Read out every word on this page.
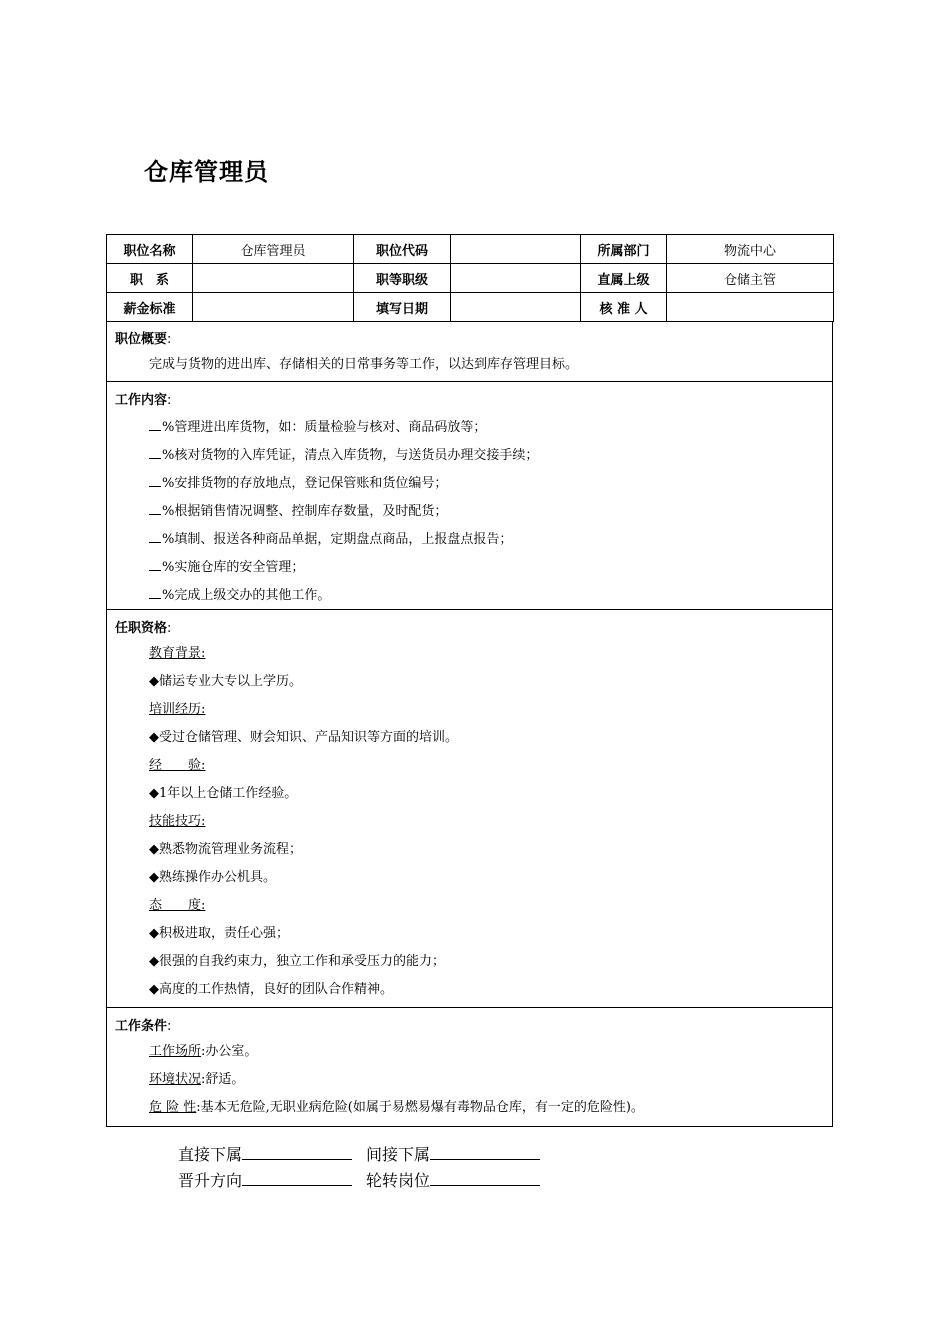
仓库管理员
职位名称	仓库管理员	职位代码		所属部门	物流中心
职　系		职等职级		直属上级	仓储主管
薪金标准		填写日期		核 准 人	
职位概要:
完成与货物的进出库、存储相关的日常事务等工作，以达到库存管理目标。
工作内容:
%管理进出库货物，如：质量检验与核对、商品码放等；
%核对货物的入库凭证，清点入库货物，与送货员办理交接手续；
%安排货物的存放地点，登记保管账和货位编号；
%根据销售情况调整、控制库存数量，及时配货；
%填制、报送各种商品单据，定期盘点商品，上报盘点报告；
%实施仓库的安全管理；
%完成上级交办的其他工作。
任职资格:
教育背景:
◆储运专业大专以上学历。
培训经历:
◆受过仓储管理、财会知识、产品知识等方面的培训。
经　　验:
◆1年以上仓储工作经验。
技能技巧:
◆熟悉物流管理业务流程；
◆熟练操作办公机具。
态　　度:
◆积极进取，责任心强；
◆很强的自我约束力，独立工作和承受压力的能力；
◆高度的工作热情，良好的团队合作精神。
工作条件:
工作场所:办公室。
环境状况:舒适。
危 险 性:基本无危险,无职业病危险(如属于易燃易爆有毒物品仓库，有一定的危险性)。
直接下属	间接下属
晋升方向	轮转岗位
